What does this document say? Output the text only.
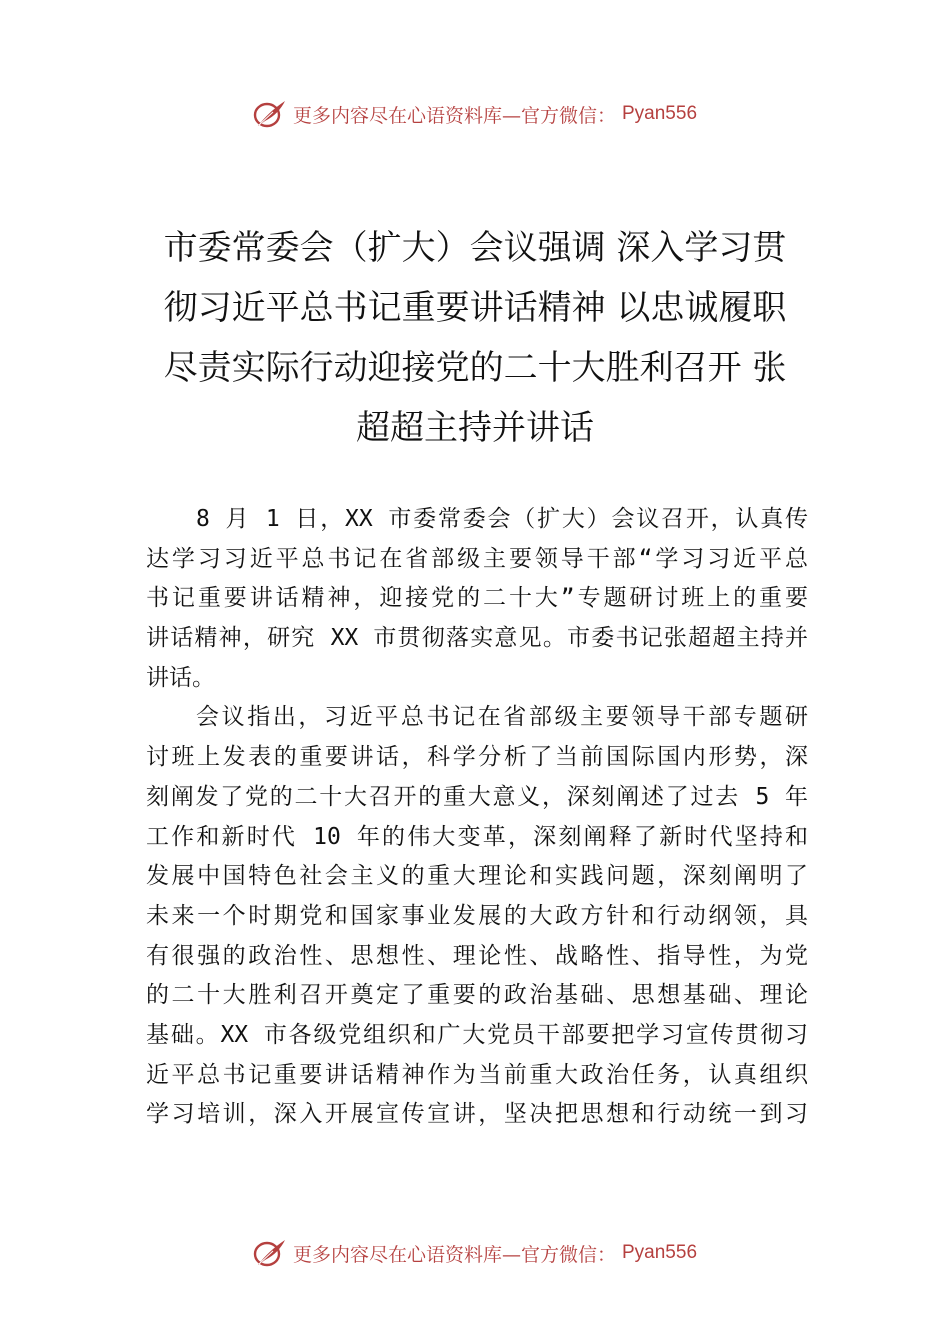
更多内容尽在心语资料库—官方微信： Pyan556
市委常委会（扩大）会议强调 深入学习贯
彻习近平总书记重要讲话精神 以忠诚履职
尽责实际行动迎接党的二十大胜利召开 张
超超主持并讲话
8 月 1 日，XX 市委常委会（扩大）会议召开，认真传
达学习习近平总书记在省部级主要领导干部“学习习近平总
书记重要讲话精神，迎接党的二十大”专题研讨班上的重要
讲话精神，研究 XX 市贯彻落实意见。市委书记张超超主持并
讲话。
会议指出，习近平总书记在省部级主要领导干部专题研
讨班上发表的重要讲话，科学分析了当前国际国内形势，深
刻阐发了党的二十大召开的重大意义，深刻阐述了过去 5 年
工作和新时代 10 年的伟大变革，深刻阐释了新时代坚持和
发展中国特色社会主义的重大理论和实践问题，深刻阐明了
未来一个时期党和国家事业发展的大政方针和行动纲领，具
有很强的政治性、思想性、理论性、战略性、指导性，为党
的二十大胜利召开奠定了重要的政治基础、思想基础、理论
基础。XX 市各级党组织和广大党员干部要把学习宣传贯彻习
近平总书记重要讲话精神作为当前重大政治任务，认真组织
学习培训，深入开展宣传宣讲，坚决把思想和行动统一到习
更多内容尽在心语资料库—官方微信： Pyan556
